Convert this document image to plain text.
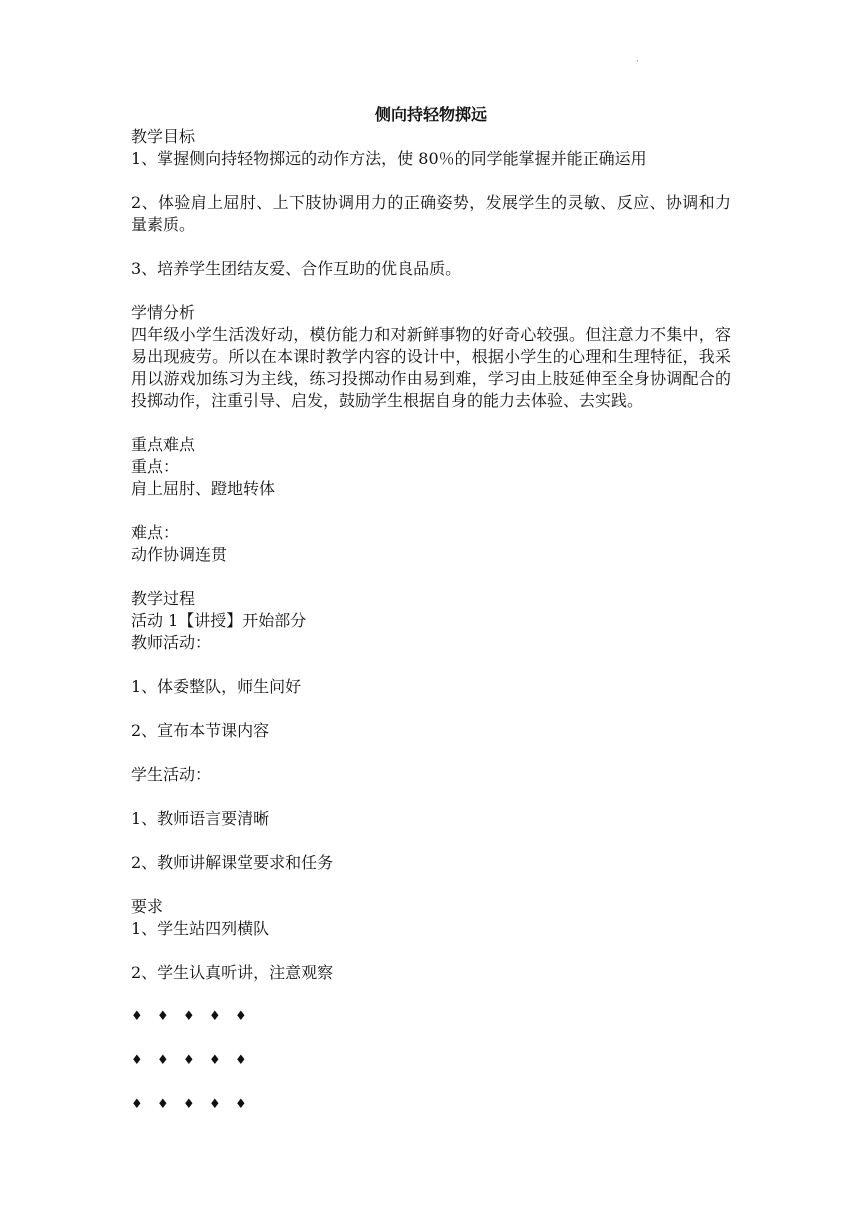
·
侧向持轻物掷远

教学目标

1、掌握侧向持轻物掷远的动作方法，使 80％的同学能掌握并能正确运用

2、体验肩上屈肘、上下肢协调用力的正确姿势，发展学生的灵敏、反应、协调和力量素质。

3、培养学生团结友爱、合作互助的优良品质。

学情分析

四年级小学生活泼好动，模仿能力和对新鲜事物的好奇心较强。但注意力不集中，容易出现疲劳。所以在本课时教学内容的设计中，根据小学生的心理和生理特征，我采用以游戏加练习为主线，练习投掷动作由易到难，学习由上肢延伸至全身协调配合的投掷动作，注重引导、启发，鼓励学生根据自身的能力去体验、去实践。

重点难点

重点：

肩上屈肘、蹬地转体

难点：

动作协调连贯

教学过程

活动 1【讲授】开始部分

教师活动：

1、体委整队，师生问好

2、宣布本节课内容

学生活动：

1、教师语言要清晰

2、教师讲解课堂要求和任务

要求

1、学生站四列横队

2、学生认真听讲，注意观察

♦	♦	♦	♦	♦
♦	♦	♦	♦	♦
♦	♦	♦	♦	♦
